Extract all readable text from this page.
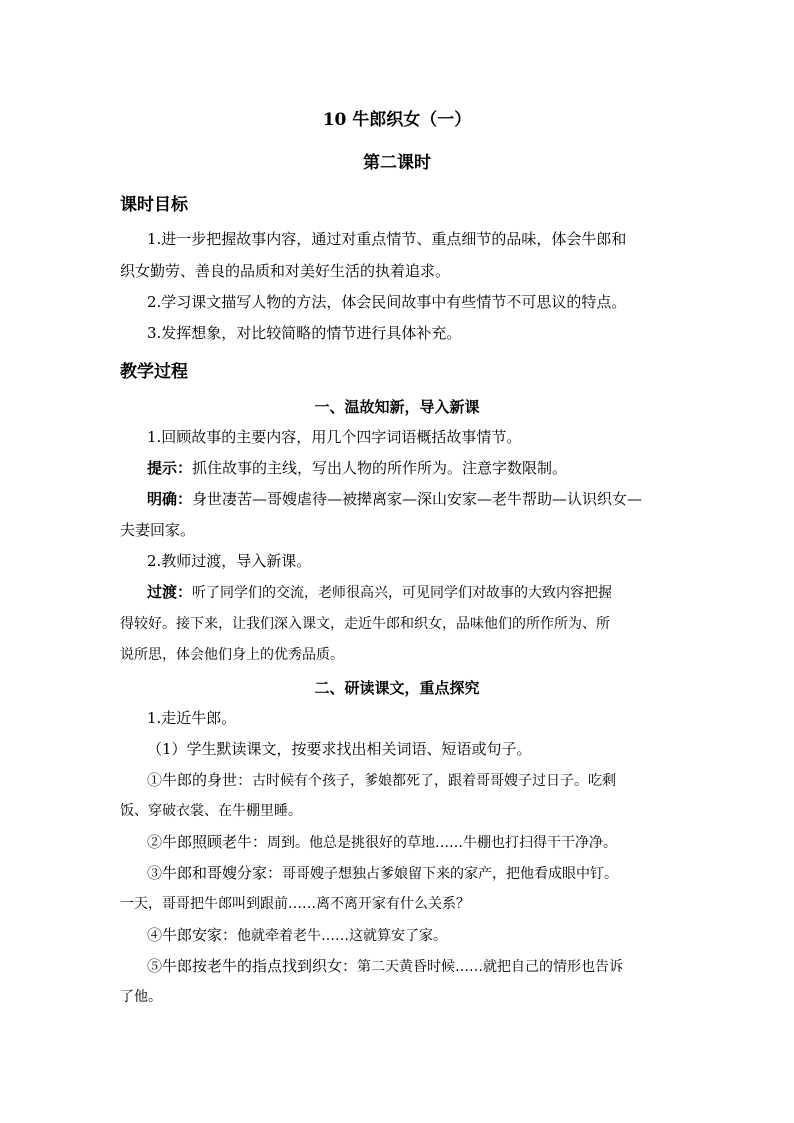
10 牛郎织女（一）
第二课时
课时目标
1.进一步把握故事内容，通过对重点情节、重点细节的品味，体会牛郎和
织女勤劳、善良的品质和对美好生活的执着追求。
2.学习课文描写人物的方法，体会民间故事中有些情节不可思议的特点。
3.发挥想象，对比较简略的情节进行具体补充。
教学过程
一、温故知新，导入新课
1.回顾故事的主要内容，用几个四字词语概括故事情节。
提示：抓住故事的主线，写出人物的所作所为。注意字数限制。
明确：身世凄苦—哥嫂虐待—被撵离家—深山安家—老牛帮助—认识织女—
夫妻回家。
2.教师过渡，导入新课。
过渡：听了同学们的交流，老师很高兴，可见同学们对故事的大致内容把握
得较好。接下来，让我们深入课文，走近牛郎和织女，品味他们的所作所为、所
说所思，体会他们身上的优秀品质。
二、研读课文，重点探究
1.走近牛郎。
（1）学生默读课文，按要求找出相关词语、短语或句子。
①牛郎的身世：古时候有个孩子，爹娘都死了，跟着哥哥嫂子过日子。吃剩
饭、穿破衣裳、在牛棚里睡。
②牛郎照顾老牛：周到。他总是挑很好的草地……牛棚也打扫得干干净净。
③牛郎和哥嫂分家：哥哥嫂子想独占爹娘留下来的家产，把他看成眼中钉。
一天，哥哥把牛郎叫到跟前……离不离开家有什么关系？
④牛郎安家：他就牵着老牛……这就算安了家。
⑤牛郎按老牛的指点找到织女：第二天黄昏时候……就把自己的情形也告诉
了他。
